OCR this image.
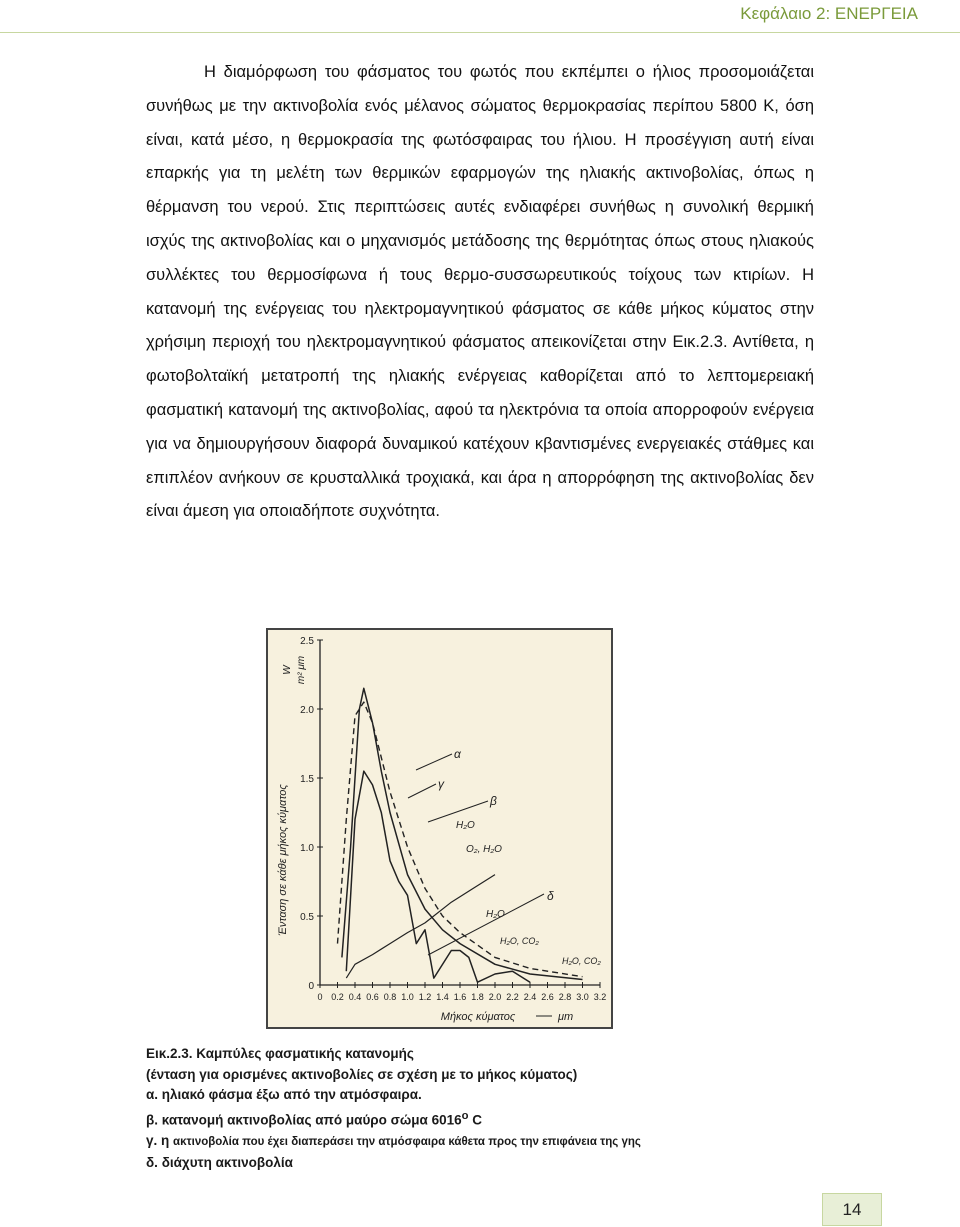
Κεφάλαιο 2: ΕΝΕΡΓΕΙΑ
Η διαμόρφωση του φάσματος του φωτός που εκπέμπει ο ήλιος προσομοιάζεται συνήθως με την ακτινοβολία ενός μέλανος σώματος θερμοκρασίας περίπου 5800 K, όση είναι, κατά μέσο, η θερμοκρασία της φωτόσφαιρας του ήλιου. Η προσέγγιση αυτή είναι επαρκής για τη μελέτη των θερμικών εφαρμογών της ηλιακής ακτινοβολίας, όπως η θέρμανση του νερού. Στις περιπτώσεις αυτές ενδιαφέρει συνήθως η συνολική θερμική ισχύς της ακτινοβολίας και ο μηχανισμός μετάδοσης της θερμότητας όπως στους ηλιακούς συλλέκτες του θερμοσίφωνα ή τους θερμο-συσσωρευτικούς τοίχους των κτιρίων. Η κατανομή της ενέργειας του ηλεκτρομαγνητικού φάσματος σε κάθε μήκος κύματος στην χρήσιμη περιοχή του ηλεκτρομαγνητικού φάσματος απεικονίζεται στην Εικ.2.3. Αντίθετα, η φωτοβολταϊκή μετατροπή της ηλιακής ενέργειας καθορίζεται από το λεπτομερειακή φασματική κατανομή της ακτινοβολίας, αφού τα ηλεκτρόνια τα οποία απορροφούν ενέργεια για να δημιουργήσουν διαφορά δυναμικού κατέχουν κβαντισμένες ενεργειακές στάθμες και επιπλέον ανήκουν σε κρυσταλλικά τροχιακά, και άρα η απορρόφηση της ακτινοβολίας δεν είναι άμεση για οποιαδήποτε συχνότητα.
2.5
2.0
1.5
1.0
0.5
0
0 0.2 0.4 0.6 0.8 1.0 1.2 1.4 1.6 1.8 2.0 2.2 2.4 2.6 2.8 3.0 3.2
Μήκος κύματος	μm
Ένταση σε κάθε μήκος κύματος
W m² μm
α
γ
β
H₂O
O₂, H₂O
δ
H₂O
H₂O, CO₂
H₂O, CO₂
Εικ.2.3. Καμπύλες φασματικής κατανομής
(ένταση για ορισμένες ακτινοβολίες σε σχέση με το μήκος κύματος)
α. ηλιακό φάσμα έξω από την ατμόσφαιρα.
β. κατανομή ακτινοβολίας από μαύρο σώμα 6016$^o$ C
γ. η ακτινοβολία που έχει διαπεράσει την ατμόσφαιρα κάθετα προς την επιφάνεια της γης
δ. διάχυτη ακτινοβολία
14
